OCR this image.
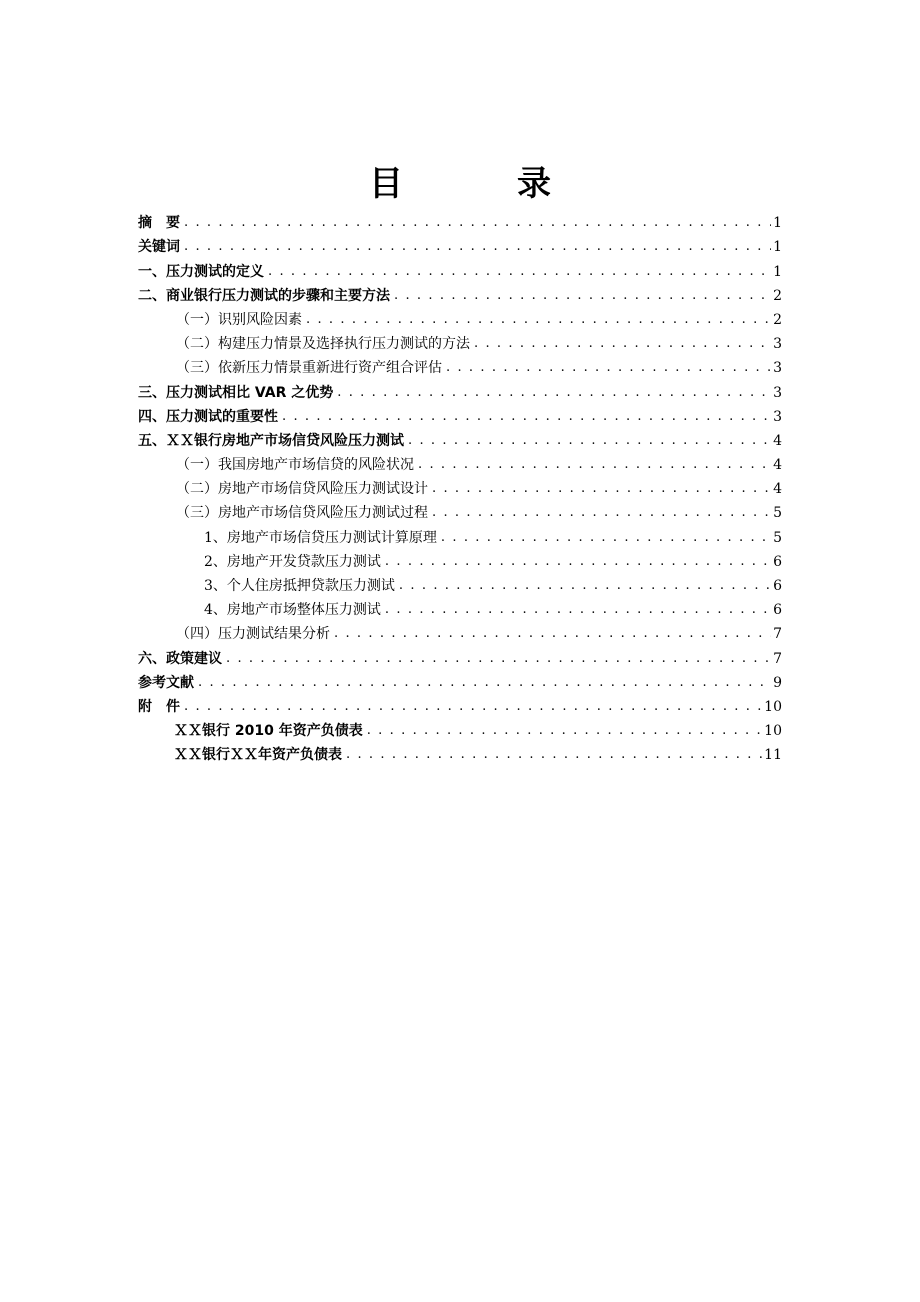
目　录
摘　要 . . .	1
关键词 . . .	1
一、压力测试的定义 . . .	1
二、商业银行压力测试的步骤和主要方法 . . .	2
（一）识别风险因素 . . .	2
（二）构建压力情景及选择执行压力测试的方法 . . .	3
（三）依新压力情景重新进行资产组合评估 . . .	3
三、压力测试相比 VAR 之优势 . . .	3
四、压力测试的重要性 . . .	3
五、ＸＸ银行房地产市场信贷风险压力测试 . . .	4
（一）我国房地产市场信贷的风险状况 . . .	4
（二）房地产市场信贷风险压力测试设计 . . .	4
（三）房地产市场信贷风险压力测试过程 . . .	5
1、房地产市场信贷压力测试计算原理 . . .	5
2、房地产开发贷款压力测试 . . .	6
3、个人住房抵押贷款压力测试 . . .	6
4、房地产市场整体压力测试 . . .	6
（四）压力测试结果分析 . . .	7
六、政策建议 . . .	7
参考文献 . . .	9
附　件 . . .	10
ＸＸ银行 2010 年资产负债表 . . .	10
ＸＸ银行ＸＸ年资产负债表 . . .	11
